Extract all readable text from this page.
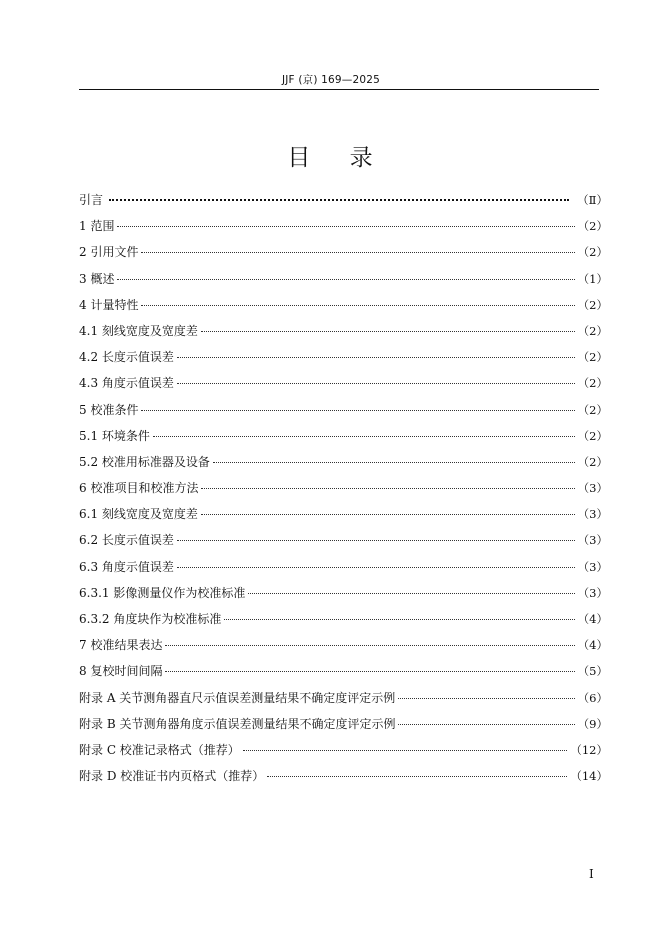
JJF (京) 169—2025
目 录
引言	（Ⅱ）
1 范围	（2）
2 引用文件	（2）
3 概述	（1）
4 计量特性	（2）
4.1 刻线宽度及宽度差	（2）
4.2 长度示值误差	（2）
4.3 角度示值误差	（2）
5 校准条件	（2）
5.1 环境条件	（2）
5.2 校准用标准器及设备	（2）
6 校准项目和校准方法	（3）
6.1 刻线宽度及宽度差	（3）
6.2 长度示值误差	（3）
6.3 角度示值误差	（3）
6.3.1 影像测量仪作为校准标准	（3）
6.3.2 角度块作为校准标准	（4）
7 校准结果表达	（4）
8 复校时间间隔	（5）
附录 A 关节测角器直尺示值误差测量结果不确定度评定示例	（6）
附录 B 关节测角器角度示值误差测量结果不确定度评定示例	（9）
附录 C 校准记录格式（推荐）	（12）
附录 D 校准证书内页格式（推荐）	（14）
I
